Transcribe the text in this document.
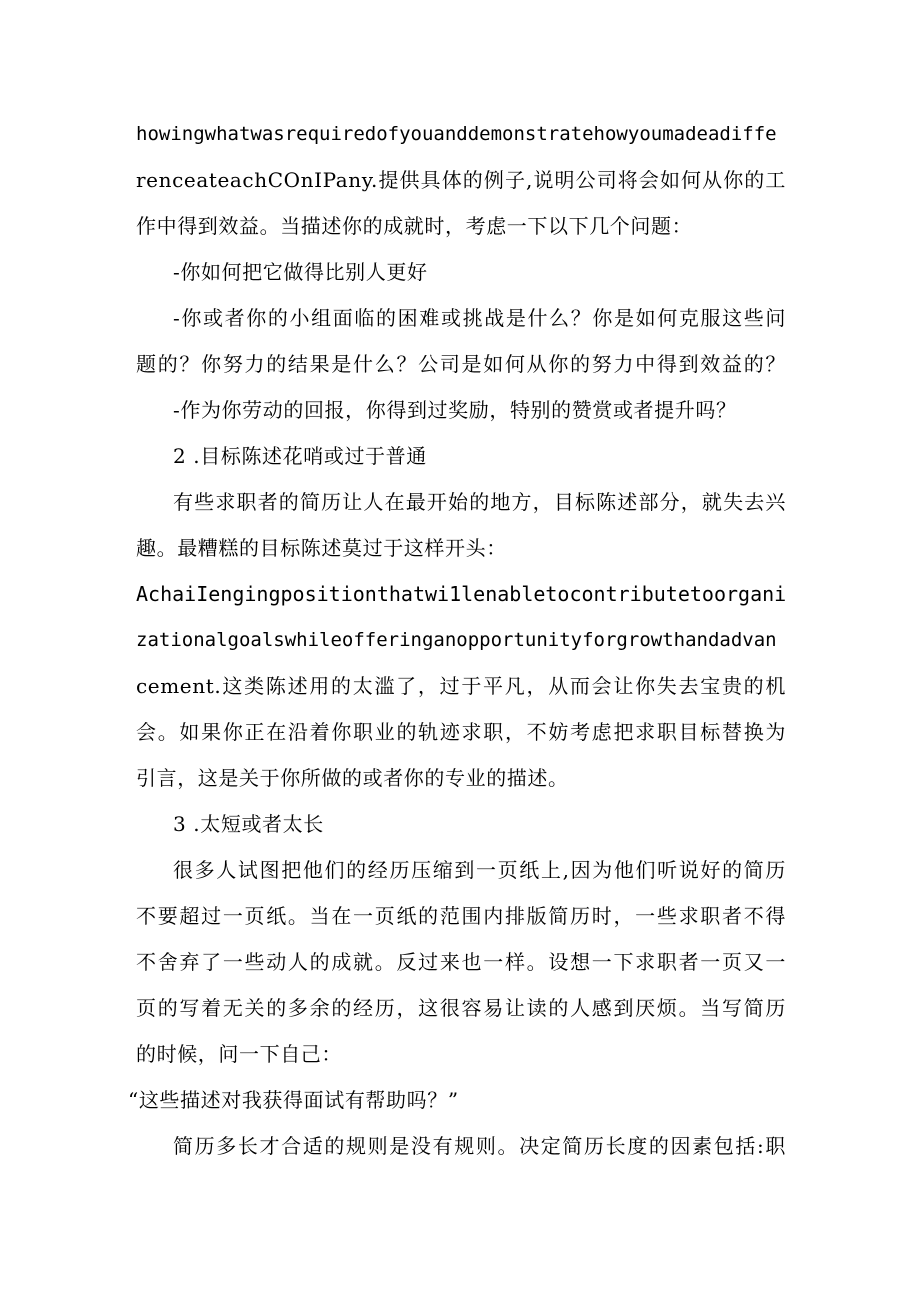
howingwhatwasrequiredofyouanddemonstratehowyoumadeadiffe
renceateachCOnIPany.提供具体的例子,说明公司将会如何从你的工
作中得到效益。当描述你的成就时，考虑一下以下几个问题：
-你如何把它做得比别人更好
-你或者你的小组面临的困难或挑战是什么？你是如何克服这些问
题的？你努力的结果是什么？公司是如何从你的努力中得到效益的？
-作为你劳动的回报，你得到过奖励，特别的赞赏或者提升吗？
2 .目标陈述花哨或过于普通
有些求职者的简历让人在最开始的地方，目标陈述部分，就失去兴
趣。最糟糕的目标陈述莫过于这样开头：
AchaiIengingpositionthatwi1lenabletocontributetoorgani
zationalgoalswhileofferinganopportunityforgrowthandadvan
cement.这类陈述用的太滥了，过于平凡，从而会让你失去宝贵的机
会。如果你正在沿着你职业的轨迹求职，不妨考虑把求职目标替换为
引言，这是关于你所做的或者你的专业的描述。
3 .太短或者太长
很多人试图把他们的经历压缩到一页纸上,因为他们听说好的简历
不要超过一页纸。当在一页纸的范围内排版简历时，一些求职者不得
不舍弃了一些动人的成就。反过来也一样。设想一下求职者一页又一
页的写着无关的多余的经历，这很容易让读的人感到厌烦。当写简历
的时候，问一下自己：
“这些描述对我获得面试有帮助吗？”
简历多长才合适的规则是没有规则。决定简历长度的因素包括:职
